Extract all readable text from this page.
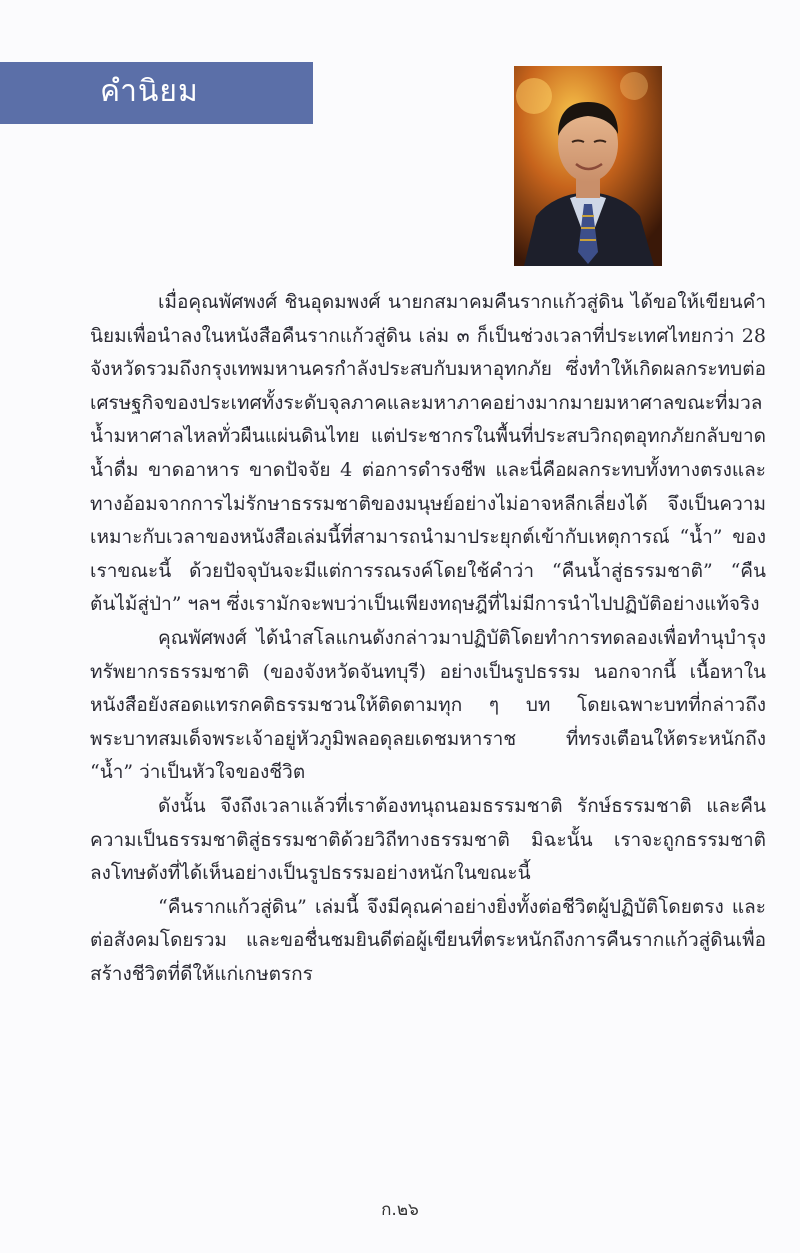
คำนิยม

เมื่อคุณพัศพงศ์ ชินอุดมพงศ์ นายกสมาคมคืนรากแก้วสู่ดิน ได้ขอให้เขียนคำนิยมเพื่อนำลงในหนังสือคืนรากแก้วสู่ดิน เล่ม ๓ ก็เป็นช่วงเวลาที่ประเทศไทยกว่า 28 จังหวัดรวมถึงกรุงเทพมหานครกำลังประสบกับมหาอุทกภัย ซึ่งทำให้เกิดผลกระทบต่อเศรษฐกิจของประเทศทั้งระดับจุลภาคและมหาภาคอย่างมากมายมหาศาลขณะที่มวลน้ำมหาศาลไหลทั่วผืนแผ่นดินไทย แต่ประชากรในพื้นที่ประสบวิกฤตอุทกภัยกลับขาดน้ำดื่ม ขาดอาหาร ขาดปัจจัย 4 ต่อการดำรงชีพ และนี่คือผลกระทบทั้งทางตรงและทางอ้อมจากการไม่รักษาธรรมชาติของมนุษย์อย่างไม่อาจหลีกเลี่ยงได้ จึงเป็นความเหมาะกับเวลาของหนังสือเล่มนี้ที่สามารถนำมาประยุกต์เข้ากับเหตุการณ์ “น้ำ” ของเราขณะนี้ ด้วยปัจจุบันจะมีแต่การรณรงค์โดยใช้คำว่า “คืนน้ำสู่ธรรมชาติ” “คืนต้นไม้สู่ป่า” ฯลฯ ซึ่งเรามักจะพบว่าเป็นเพียงทฤษฎีที่ไม่มีการนำไปปฏิบัติอย่างแท้จริง

คุณพัศพงศ์ ได้นำสโลแกนดังกล่าวมาปฏิบัติโดยทำการทดลองเพื่อทำนุบำรุงทรัพยากรธรรมชาติ (ของจังหวัดจันทบุรี) อย่างเป็นรูปธรรม นอกจากนี้ เนื้อหาในหนังสือยังสอดแทรกคติธรรมชวนให้ติดตามทุก ๆ บท โดยเฉพาะบทที่กล่าวถึงพระบาทสมเด็จพระเจ้าอยู่หัวภูมิพลอดุลยเดชมหาราช ที่ทรงเตือนให้ตระหนักถึง “น้ำ” ว่าเป็นหัวใจของชีวิต

ดังนั้น จึงถึงเวลาแล้วที่เราต้องทนุถนอมธรรมชาติ รักษ์ธรรมชาติ และคืนความเป็นธรรมชาติสู่ธรรมชาติด้วยวิถีทางธรรมชาติ มิฉะนั้น เราจะถูกธรรมชาติลงโทษดังที่ได้เห็นอย่างเป็นรูปธรรมอย่างหนักในขณะนี้

“คืนรากแก้วสู่ดิน” เล่มนี้ จึงมีคุณค่าอย่างยิ่งทั้งต่อชีวิตผู้ปฏิบัติโดยตรง และต่อสังคมโดยรวม และขอชื่นชมยินดีต่อผู้เขียนที่ตระหนักถึงการคืนรากแก้วสู่ดินเพื่อสร้างชีวิตที่ดีให้แก่เกษตรกร

ก.๒๖
